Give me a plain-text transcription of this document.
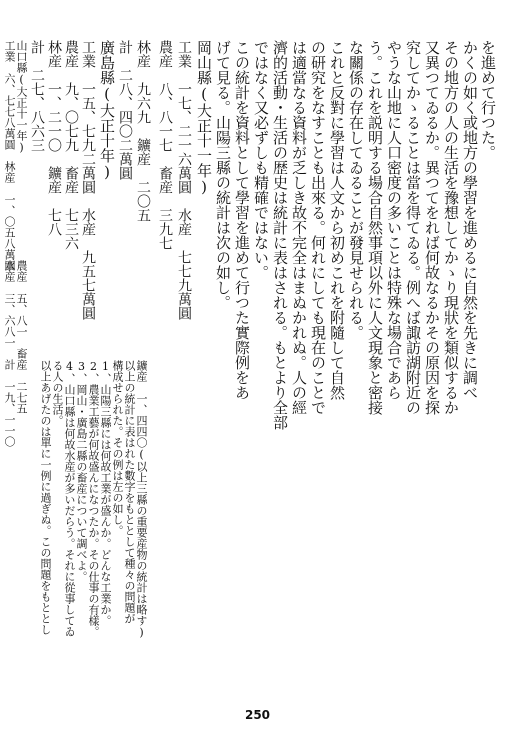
を進めて行つた。
かくの如く或地方の學習を進めるに自然を先きに調べ
その地方の人の生活を豫想してかゝり現狀を類似するか
又異つてゐるか。異つてをれば何故なるかその原因を探
究してかゝることは當を得てゐる。例へば諏訪湖附近の
やうな山地に人口密度の多いことは特殊な場合であら
う。これを説明する場合自然事項以外に人文現象と密接
な關係の存在してゐることが發見せられる。
これと反對に學習は人文から初めこれを附隨して自然
の研究をなすことも出來る。何れにしても現在のことで
は適當なる資料が乏しき故不完全はまぬかれぬ。人の經
濟的活動・生活の歴史は統計に表はされる。もとより全部
ではなく又必ずしも精確ではない。
この統計を資料として學習を進めて行つた實際例をあ
げて見る。山陽三縣の統計は次の如し。
岡山縣(大正十一年)
工業　一七、二一六萬圓　水産　七七九萬圓
農産　八、八一七　畜産　三九七
林産　九六九　鑛産　二〇五
計　二八、四〇二萬圓
廣島縣(大正十年)
工業　一五、七九二萬圓　水産　九五七萬圓
農産　九、〇七九　畜産　七三六
林産　一、二一〇　鑛産　七八
計　二七、八六三
山口縣(大正十一年)
工業　六、七七八萬圓　林産　一、〇五八萬圓
農産　五、八一　畜産　二七五
水産　三、六八一　計　一九、一一〇
鑛産　一、四四〇(以上三縣の重要産物の統計は略す)
以上の統計に表はれた數字をもととして種々の問題が
構成せられた。その例は左の如し。
1、山陽三縣には何故工業が盛んか。どんな工業か。
2、農業工藝が何故盛んになつたか。その仕事の有樣。
3、岡山・廣島二縣の畜産について調べよ。
4、山口縣は何故水産が多いだらう。それに從事してゐ
る人の生活。
以上あげたのは單に一例に過ぎぬ。この問題をもととし
250
